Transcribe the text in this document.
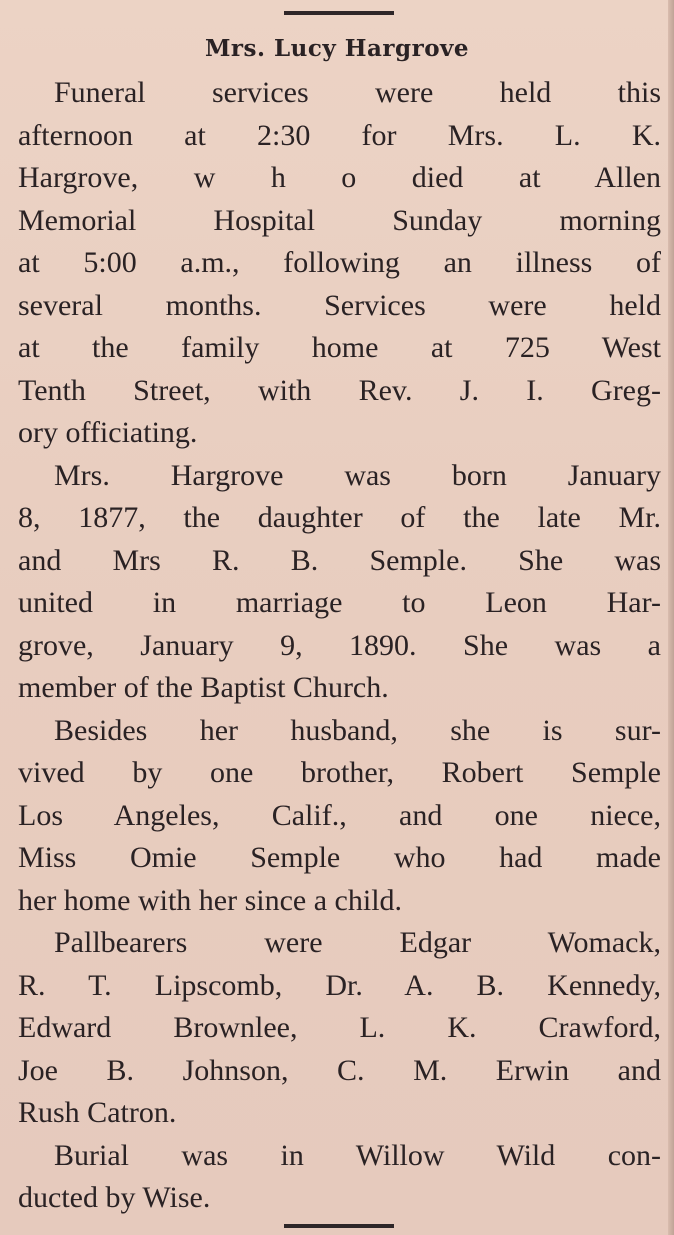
Mrs. Lucy Hargrove
Funeral services were held this
afternoon at 2:30 for Mrs. L. K.
Hargrove, w h o died at Allen
Memorial Hospital Sunday morning
at 5:00 a.m., following an illness of
several months. Services were held
at the family home at 725 West
Tenth Street, with Rev. J. I. Greg-
ory officiating.
Mrs. Hargrove was born January
8, 1877, the daughter of the late Mr.
and Mrs R. B. Semple. She was
united in marriage to Leon Har-
grove, January 9, 1890. She was a
member of the Baptist Church.
Besides her husband, she is sur-
vived by one brother, Robert Semple
Los Angeles, Calif., and one niece,
Miss Omie Semple who had made
her home with her since a child.
Pallbearers were Edgar Womack,
R. T. Lipscomb, Dr. A. B. Kennedy,
Edward Brownlee, L. K. Crawford,
Joe B. Johnson, C. M. Erwin and
Rush Catron.
Burial was in Willow Wild con-
ducted by Wise.
